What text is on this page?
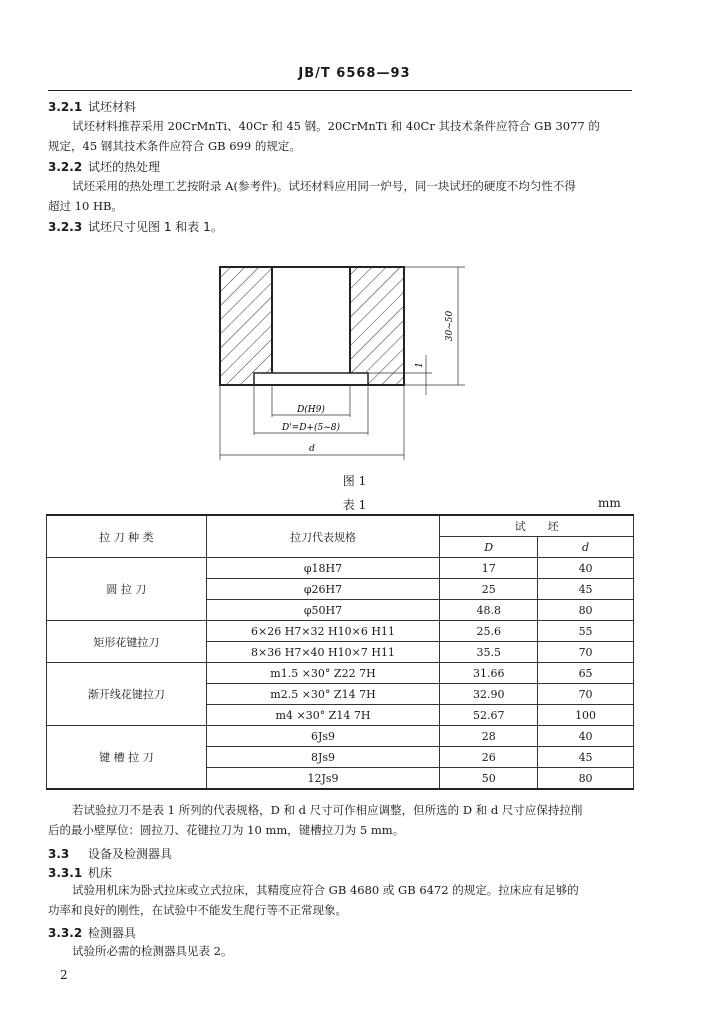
JB/T 6568—93
3.2.1 试坯材料
试坯材料推荐采用 20CrMnTi、40Cr 和 45 钢。20CrMnTi 和 40Cr 其技术条件应符合 GB 3077 的
规定，45 钢其技术条件应符合 GB 699 的规定。
3.2.2 试坯的热处理
试坯采用的热处理工艺按附录 A(参考件)。试坯材料应用同一炉号，同一块试坯的硬度不均匀性不得
超过 10 HB。
3.2.3 试坯尺寸见图 1 和表 1。
30~50
1
D(H9)
D'=D+(5~8)
d
图 1
表 1	mm
拉 刀 种 类	拉刀代表规格	试　　坯	
		D	d
圆 拉 刀	φ18H7	17	40
	φ26H7	25	45
	φ50H7	48.8	80
矩形花键拉刀	6×26 H7×32 H10×6 H11	25.6	55
	8×36 H7×40 H10×7 H11	35.5	70
渐开线花键拉刀	m1.5 ×30° Z22 7H	31.66	65
	m2.5 ×30° Z14 7H	32.90	70
	m4 ×30° Z14 7H	52.67	100
键 槽 拉 刀	6Js9	28	40
	8Js9	26	45
	12Js9	50	80
若试验拉刀不是表 1 所列的代表规格，D 和 d 尺寸可作相应调整，但所选的 D 和 d 尺寸应保持拉削
后的最小壁厚位：圆拉刀、花键拉刀为 10 mm，键槽拉刀为 5 mm。
3.3 设备及检测器具
3.3.1 机床
试验用机床为卧式拉床或立式拉床，其精度应符合 GB 4680 或 GB 6472 的规定。拉床应有足够的
功率和良好的刚性，在试验中不能发生爬行等不正常现象。
3.3.2 检测器具
试验所必需的检测器具见表 2。
2
